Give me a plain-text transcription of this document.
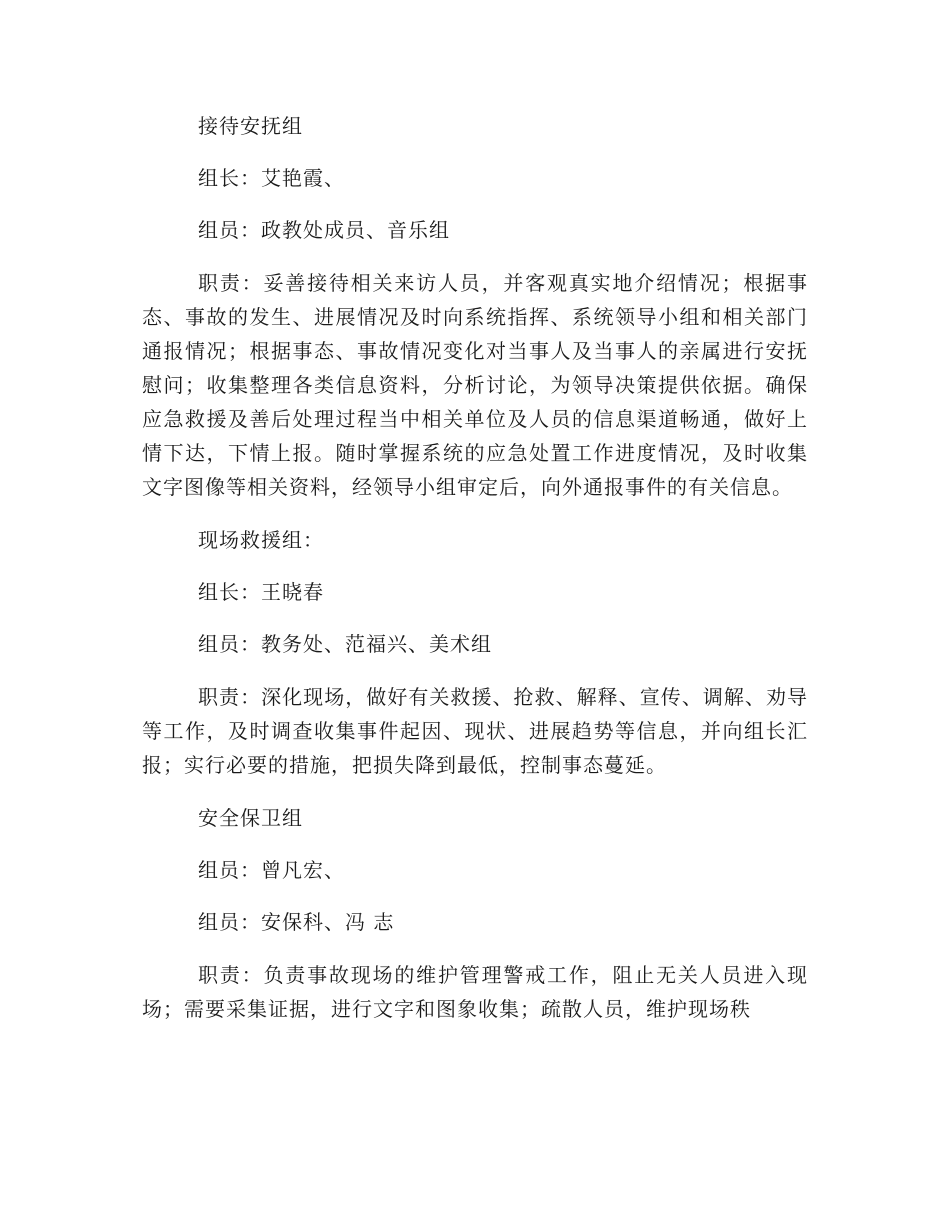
接待安抚组

组长：艾艳霞、

组员：政教处成员、音乐组

职责：妥善接待相关来访人员，并客观真实地介绍情况；根据事态、事故的发生、进展情况及时向系统指挥、系统领导小组和相关部门通报情况；根据事态、事故情况变化对当事人及当事人的亲属进行安抚慰问；收集整理各类信息资料，分析讨论，为领导决策提供依据。确保应急救援及善后处理过程当中相关单位及人员的信息渠道畅通，做好上情下达，下情上报。随时掌握系统的应急处置工作进度情况，及时收集文字图像等相关资料，经领导小组审定后，向外通报事件的有关信息。

现场救援组：

组长：王晓春

组员：教务处、范福兴、美术组

职责：深化现场，做好有关救援、抢救、解释、宣传、调解、劝导等工作，及时调查收集事件起因、现状、进展趋势等信息，并向组长汇报；实行必要的措施，把损失降到最低，控制事态蔓延。

安全保卫组

组员：曾凡宏、

组员：安保科、冯 志

职责：负责事故现场的维护管理警戒工作，阻止无关人员进入现场；需要采集证据，进行文字和图象收集；疏散人员，维护现场秩
